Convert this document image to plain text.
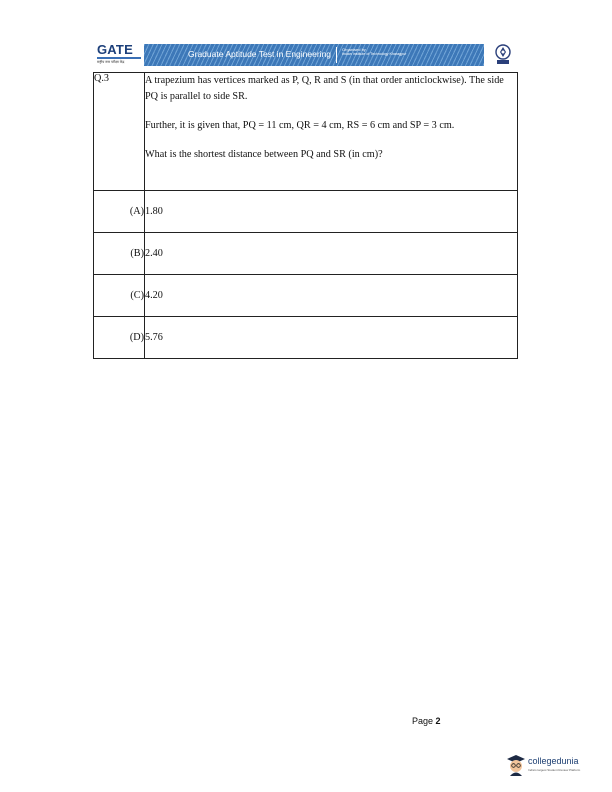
GATE
राष्ट्रीय स्तर परीक्षा केंद्र
Graduate Aptitude Test in Engineering	Organised by
Indian Institute of Technology Kharagpur
Q.3	A trapezium has vertices marked as P, Q, R and S (in that order anticlockwise). The side PQ is parallel to side SR.

Further, it is given that, PQ = 11 cm, QR = 4 cm, RS = 6 cm and SP = 3 cm.

What is the shortest distance between PQ and SR (in cm)?

(A)	1.80
(B)	2.40
(C)	4.20
(D)	5.76
Page 2
collegedunia
India's largest Student Review Platform
